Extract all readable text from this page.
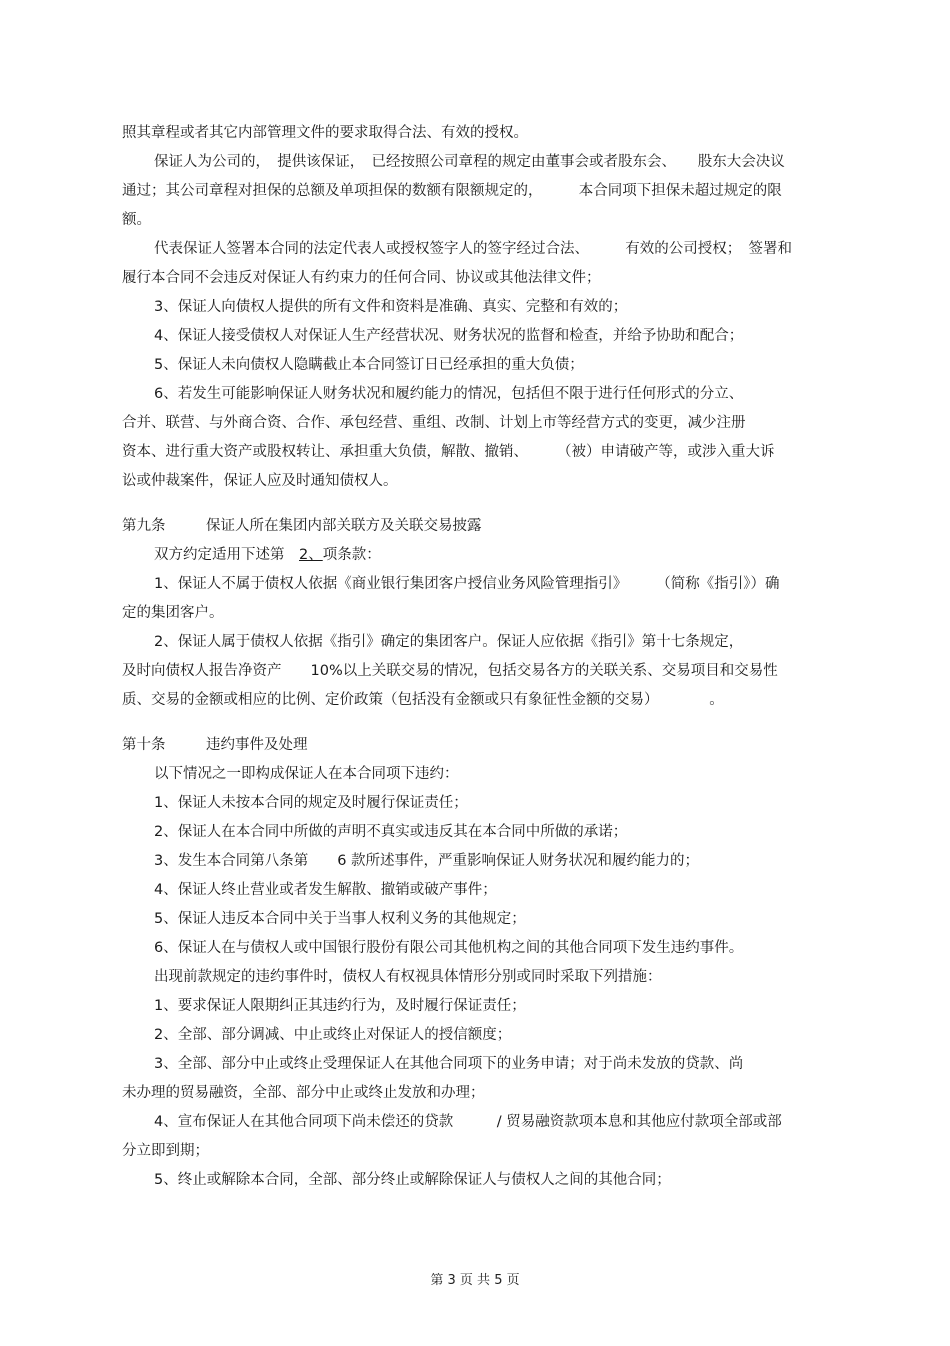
照其章程或者其它内部管理文件的要求取得合法、有效的授权。

保证人为公司的，　提供该保证，　已经按照公司章程的规定由董事会或者股东会、　　股东大会决议

通过；其公司章程对担保的总额及单项担保的数额有限额规定的，　　　本合同项下担保未超过规定的限

额。

代表保证人签署本合同的法定代表人或授权签字人的签字经过合法、　　　有效的公司授权；　签署和

履行本合同不会违反对保证人有约束力的任何合同、协议或其他法律文件；

3、保证人向债权人提供的所有文件和资料是准确、真实、完整和有效的；

4、保证人接受债权人对保证人生产经营状况、财务状况的监督和检查，并给予协助和配合；

5、保证人未向债权人隐瞒截止本合同签订日已经承担的重大负债；

6、若发生可能影响保证人财务状况和履约能力的情况，包括但不限于进行任何形式的分立、

合并、联营、与外商合资、合作、承包经营、重组、改制、计划上市等经营方式的变更，减少注册

资本、进行重大资产或股权转让、承担重大负债，解散、撤销、　　　（被）申请破产等，或涉入重大诉

讼或仲裁案件，保证人应及时通知债权人。

第九条	保证人所在集团内部关联方及关联交易披露

双方约定适用下述第　2、项条款：

1、保证人不属于债权人依据《商业银行集团客户授信业务风险管理指引》　　　（简称《指引》）确

定的集团客户。

2、保证人属于债权人依据《指引》确定的集团客户。保证人应依据《指引》第十七条规定，

及时向债权人报告净资产　　10%以上关联交易的情况，包括交易各方的关联关系、交易项目和交易性

质、交易的金额或相应的比例、定价政策（包括没有金额或只有象征性金额的交易）　　　　。

第十条	违约事件及处理

以下情况之一即构成保证人在本合同项下违约：

1、保证人未按本合同的规定及时履行保证责任；

2、保证人在本合同中所做的声明不真实或违反其在本合同中所做的承诺；

3、发生本合同第八条第　　6 款所述事件，严重影响保证人财务状况和履约能力的；

4、保证人终止营业或者发生解散、撤销或破产事件；

5、保证人违反本合同中关于当事人权利义务的其他规定；

6、保证人在与债权人或中国银行股份有限公司其他机构之间的其他合同项下发生违约事件。

出现前款规定的违约事件时，债权人有权视具体情形分别或同时采取下列措施：

1、要求保证人限期纠正其违约行为，及时履行保证责任；

2、全部、部分调减、中止或终止对保证人的授信额度；

3、全部、部分中止或终止受理保证人在其他合同项下的业务申请；对于尚未发放的贷款、尚

未办理的贸易融资，全部、部分中止或终止发放和办理；

4、宣布保证人在其他合同项下尚未偿还的贷款　　　/ 贸易融资款项本息和其他应付款项全部或部

分立即到期；

5、终止或解除本合同，全部、部分终止或解除保证人与债权人之间的其他合同；

第 3 页 共 5 页
